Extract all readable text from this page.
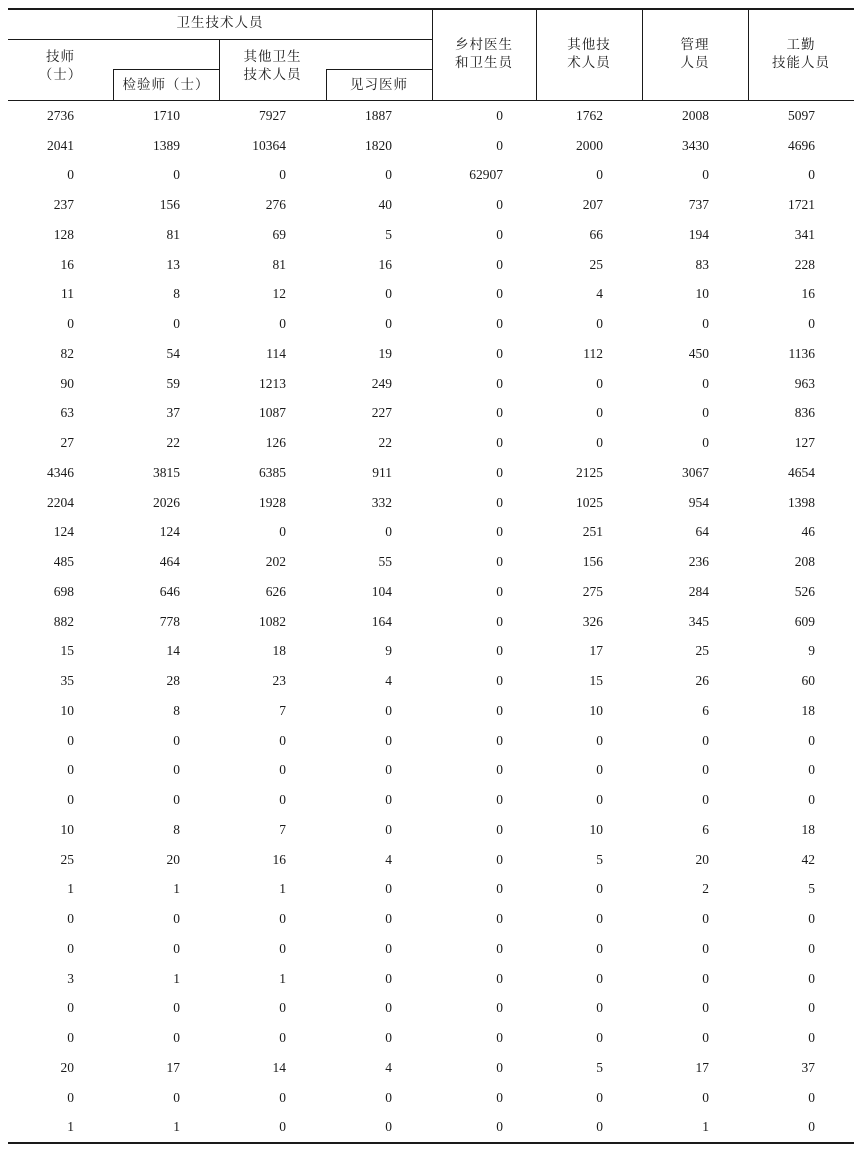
卫生技术人员
技师
（士）
检验师（士）
其他卫生
技术人员
见习医师
乡村医生
和卫生员
其他技
术人员
管理
人员
工勤
技能人员
2736	1710	7927	1887	0	1762	2008	5097
2041	1389	10364	1820	0	2000	3430	4696
0	0	0	0	62907	0	0	0
237	156	276	40	0	207	737	1721
128	81	69	5	0	66	194	341
16	13	81	16	0	25	83	228
11	8	12	0	0	4	10	16
0	0	0	0	0	0	0	0
82	54	114	19	0	112	450	1136
90	59	1213	249	0	0	0	963
63	37	1087	227	0	0	0	836
27	22	126	22	0	0	0	127
4346	3815	6385	911	0	2125	3067	4654
2204	2026	1928	332	0	1025	954	1398
124	124	0	0	0	251	64	46
485	464	202	55	0	156	236	208
698	646	626	104	0	275	284	526
882	778	1082	164	0	326	345	609
15	14	18	9	0	17	25	9
35	28	23	4	0	15	26	60
10	8	7	0	0	10	6	18
0	0	0	0	0	0	0	0
0	0	0	0	0	0	0	0
0	0	0	0	0	0	0	0
10	8	7	0	0	10	6	18
25	20	16	4	0	5	20	42
1	1	1	0	0	0	2	5
0	0	0	0	0	0	0	0
0	0	0	0	0	0	0	0
3	1	1	0	0	0	0	0
0	0	0	0	0	0	0	0
0	0	0	0	0	0	0	0
20	17	14	4	0	5	17	37
0	0	0	0	0	0	0	0
1	1	0	0	0	0	1	0
